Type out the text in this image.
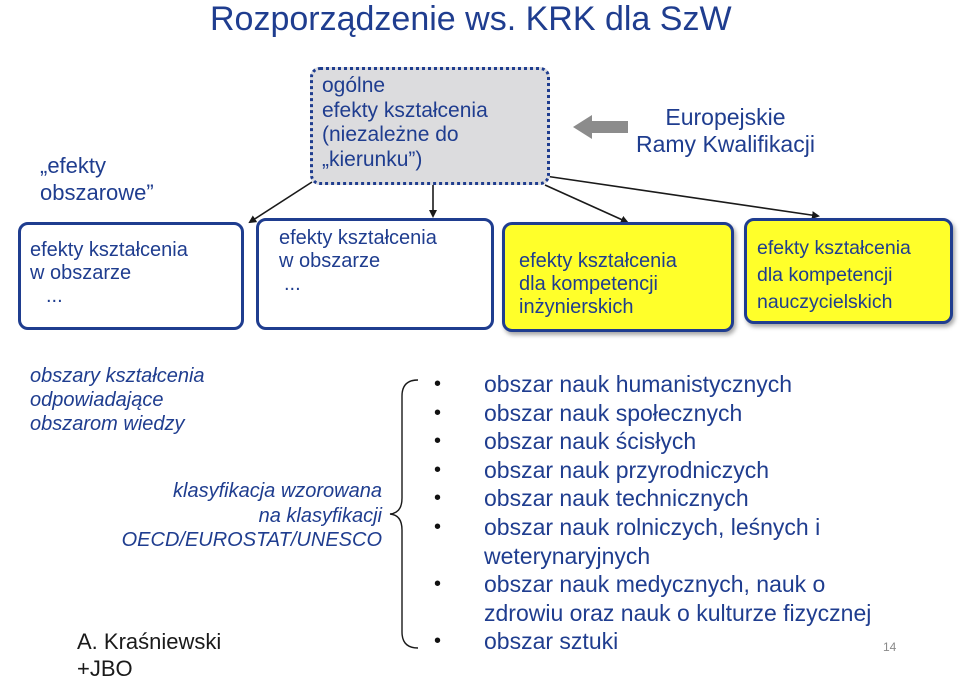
Rozporządzenie ws. KRK dla SzW
„efekty
obszarowe”
ogólne
efekty kształcenia
(niezależne do
„kierunku”)
Europejskie
Ramy Kwalifikacji
efekty kształcenia
w obszarze
...
efekty kształcenia
w obszarze
...
efekty kształcenia
dla kompetencji
inżynierskich
efekty kształcenia
dla kompetencji
nauczycielskich
obszary kształcenia
odpowiadające
obszarom wiedzy
klasyfikacja wzorowana
na klasyfikacji
OECD/EUROSTAT/UNESCO
A. Kraśniewski
+JBO
• obszar nauk humanistycznych
• obszar nauk społecznych
• obszar nauk ścisłych
• obszar nauk przyrodniczych
• obszar nauk technicznych
• obszar nauk rolniczych, leśnych i
weterynaryjnych
• obszar nauk medycznych, nauk o
zdrowiu oraz nauk o kulturze fizycznej
• obszar sztuki	14
